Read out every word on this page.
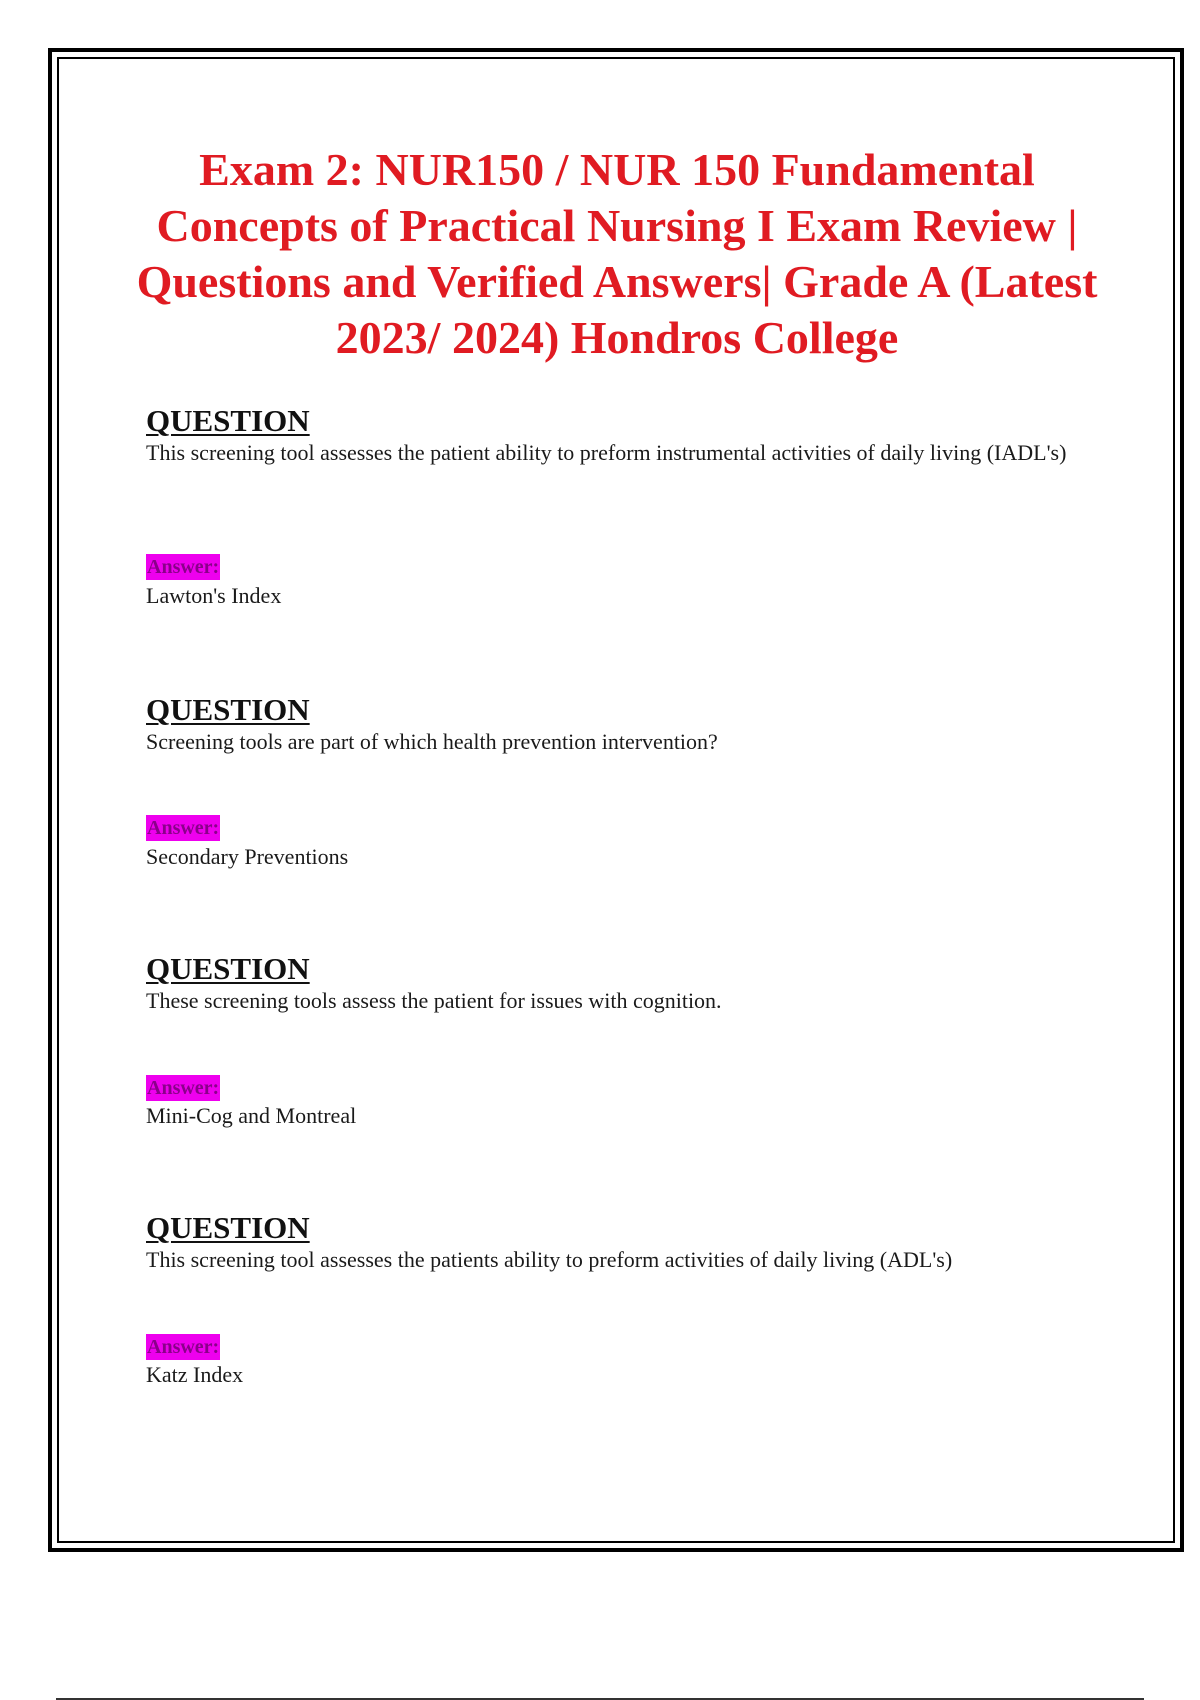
Exam 2: NUR150 / NUR 150 Fundamental Concepts of Practical Nursing I Exam Review | Questions and Verified Answers| Grade A (Latest 2023/ 2024) Hondros College
QUESTION

This screening tool assesses the patient ability to preform instrumental activities of daily living (IADL's)

Answer:
Lawton's Index
QUESTION

Screening tools are part of which health prevention intervention?

Answer:
Secondary Preventions
QUESTION

These screening tools assess the patient for issues with cognition.

Answer:
Mini-Cog and Montreal
QUESTION

This screening tool assesses the patients ability to preform activities of daily living (ADL's)

Answer:
Katz Index
